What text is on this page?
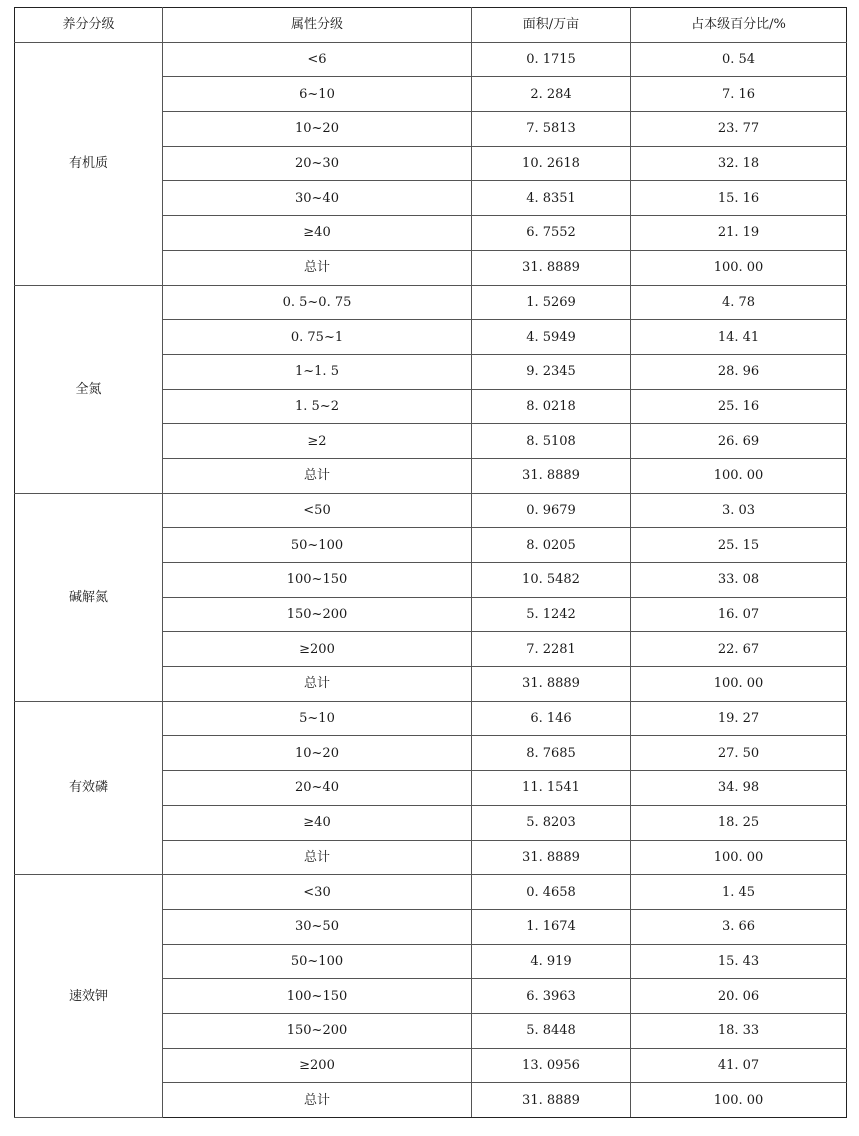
养分分级	属性分级	面积/万亩	占本级百分比/%
有机质	<6	0. 1715	0. 54
	6~10	2. 284	7. 16
	10~20	7. 5813	23. 77
	20~30	10. 2618	32. 18
	30~40	4. 8351	15. 16
	≥40	6. 7552	21. 19
	总计	31. 8889	100. 00
全氮	0. 5~0. 75	1. 5269	4. 78
	0. 75~1	4. 5949	14. 41
	1~1. 5	9. 2345	28. 96
	1. 5~2	8. 0218	25. 16
	≥2	8. 5108	26. 69
	总计	31. 8889	100. 00
碱解氮	<50	0. 9679	3. 03
	50~100	8. 0205	25. 15
	100~150	10. 5482	33. 08
	150~200	5. 1242	16. 07
	≥200	7. 2281	22. 67
	总计	31. 8889	100. 00
有效磷	5~10	6. 146	19. 27
	10~20	8. 7685	27. 50
	20~40	11. 1541	34. 98
	≥40	5. 8203	18. 25
	总计	31. 8889	100. 00
速效钾	<30	0. 4658	1. 45
	30~50	1. 1674	3. 66
	50~100	4. 919	15. 43
	100~150	6. 3963	20. 06
	150~200	5. 8448	18. 33
	≥200	13. 0956	41. 07
	总计	31. 8889	100. 00
